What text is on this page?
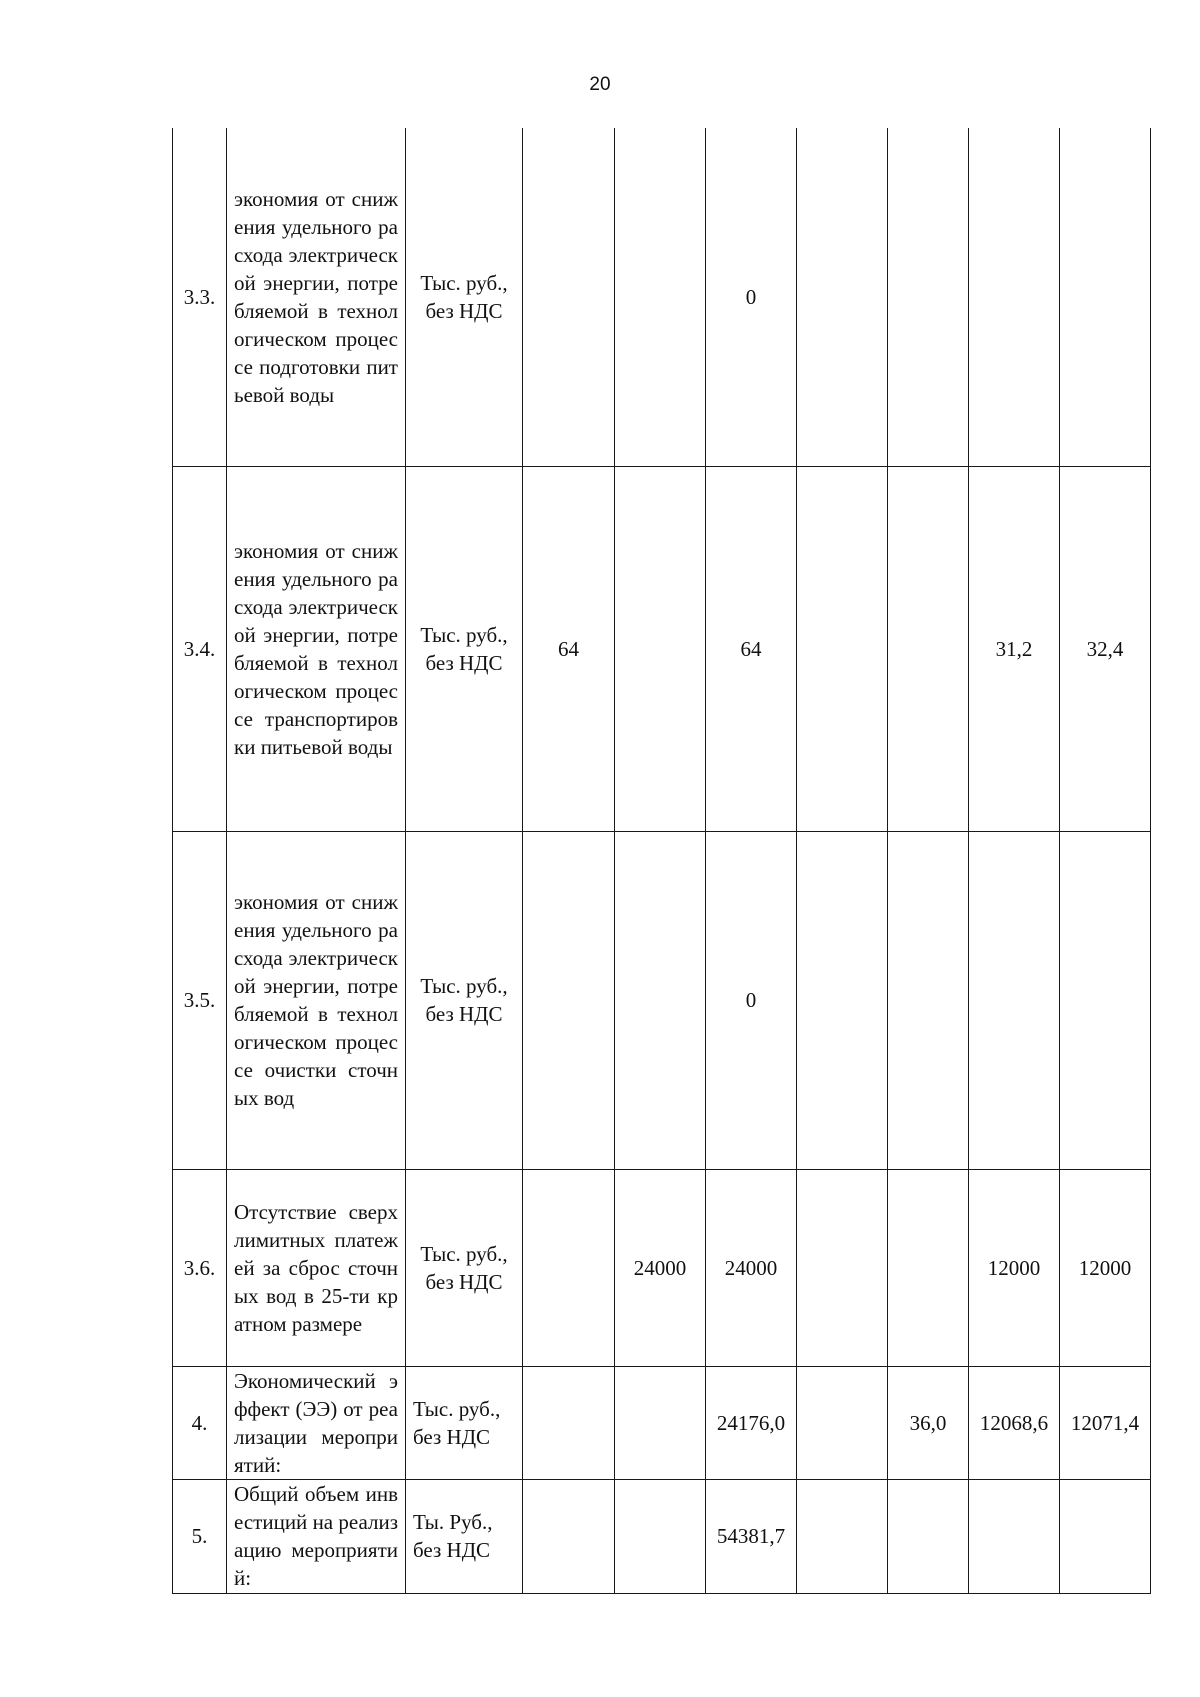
20
3.3.	экономия от снижения удельного расхода электрической энергии, потребляемой в технологическом процессе подготовки питьевой воды	Тыс. руб., без НДС			0				
3.4.	экономия от снижения удельного расхода электрической энергии, потребляемой в технологическом процессе транспортировки питьевой воды	Тыс. руб., без НДС	64		64			31,2	32,4
3.5.	экономия от снижения удельного расхода электрической энергии, потребляемой в технологическом процессе очистки сточных вод	Тыс. руб., без НДС			0				
3.6.	Отсутствие сверхлимитных платежей за сброс сточных вод в 25-ти кратном размере	Тыс. руб., без НДС		24000	24000			12000	12000
4.	Экономический эффект (ЭЭ) от реализации мероприятий:	Тыс. руб., без НДС			24176,0		36,0	12068,6	12071,4
5.	Общий объем инвестиций на реализацию мероприятий:	Ты. Руб., без НДС			54381,7				
